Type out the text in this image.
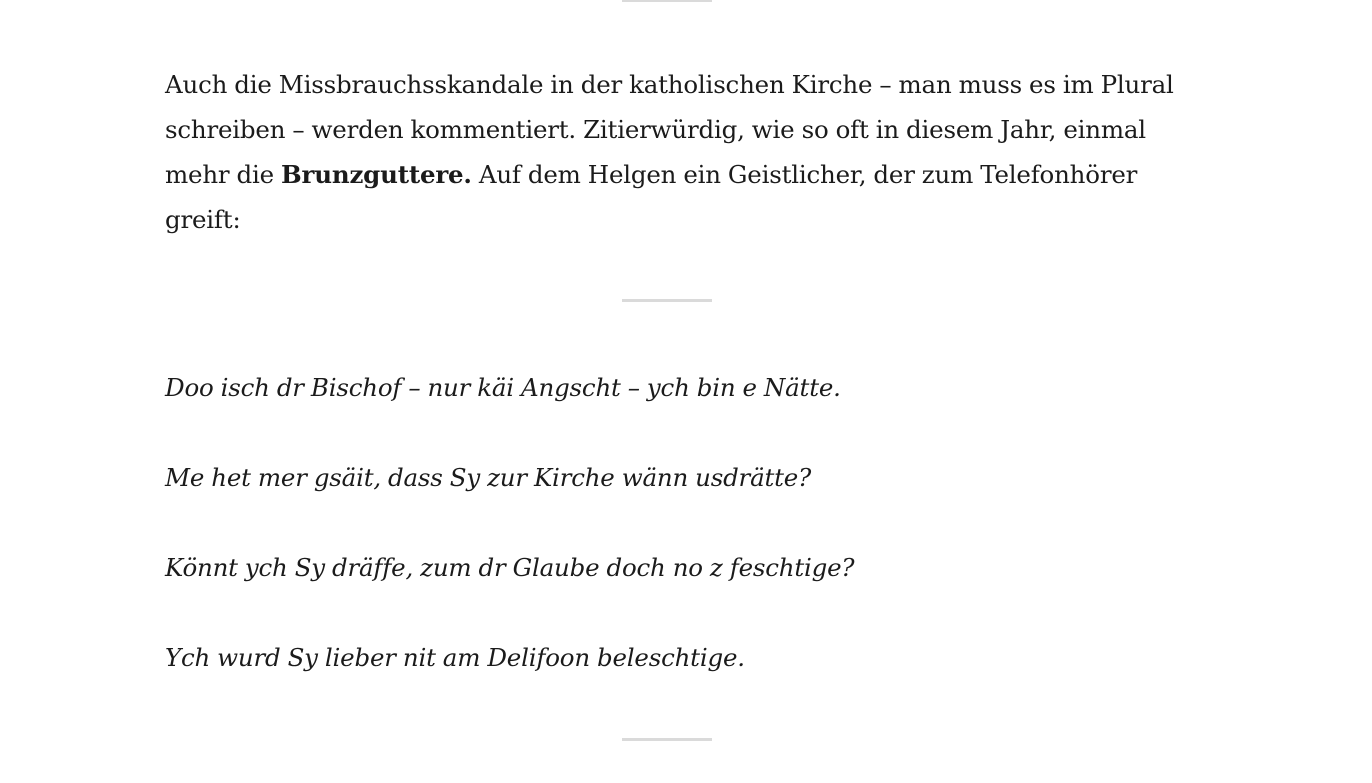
Auch die Missbrauchsskandale in der katholischen Kirche – man muss es im Plural schreiben – werden kommentiert. Zitierwürdig, wie so oft in diesem Jahr, einmal mehr die Brunzguttere. Auf dem Helgen ein Geistlicher, der zum Telefonhörer greift:

Doo isch dr Bischof – nur käi Angscht – ych bin e Nätte.

Me het mer gsäit, dass Sy zur Kirche wänn usdrätte?

Könnt ych Sy dräffe, zum dr Glaube doch no z feschtige?

Ych wurd Sy lieber nit am Delifoon beleschtige.
